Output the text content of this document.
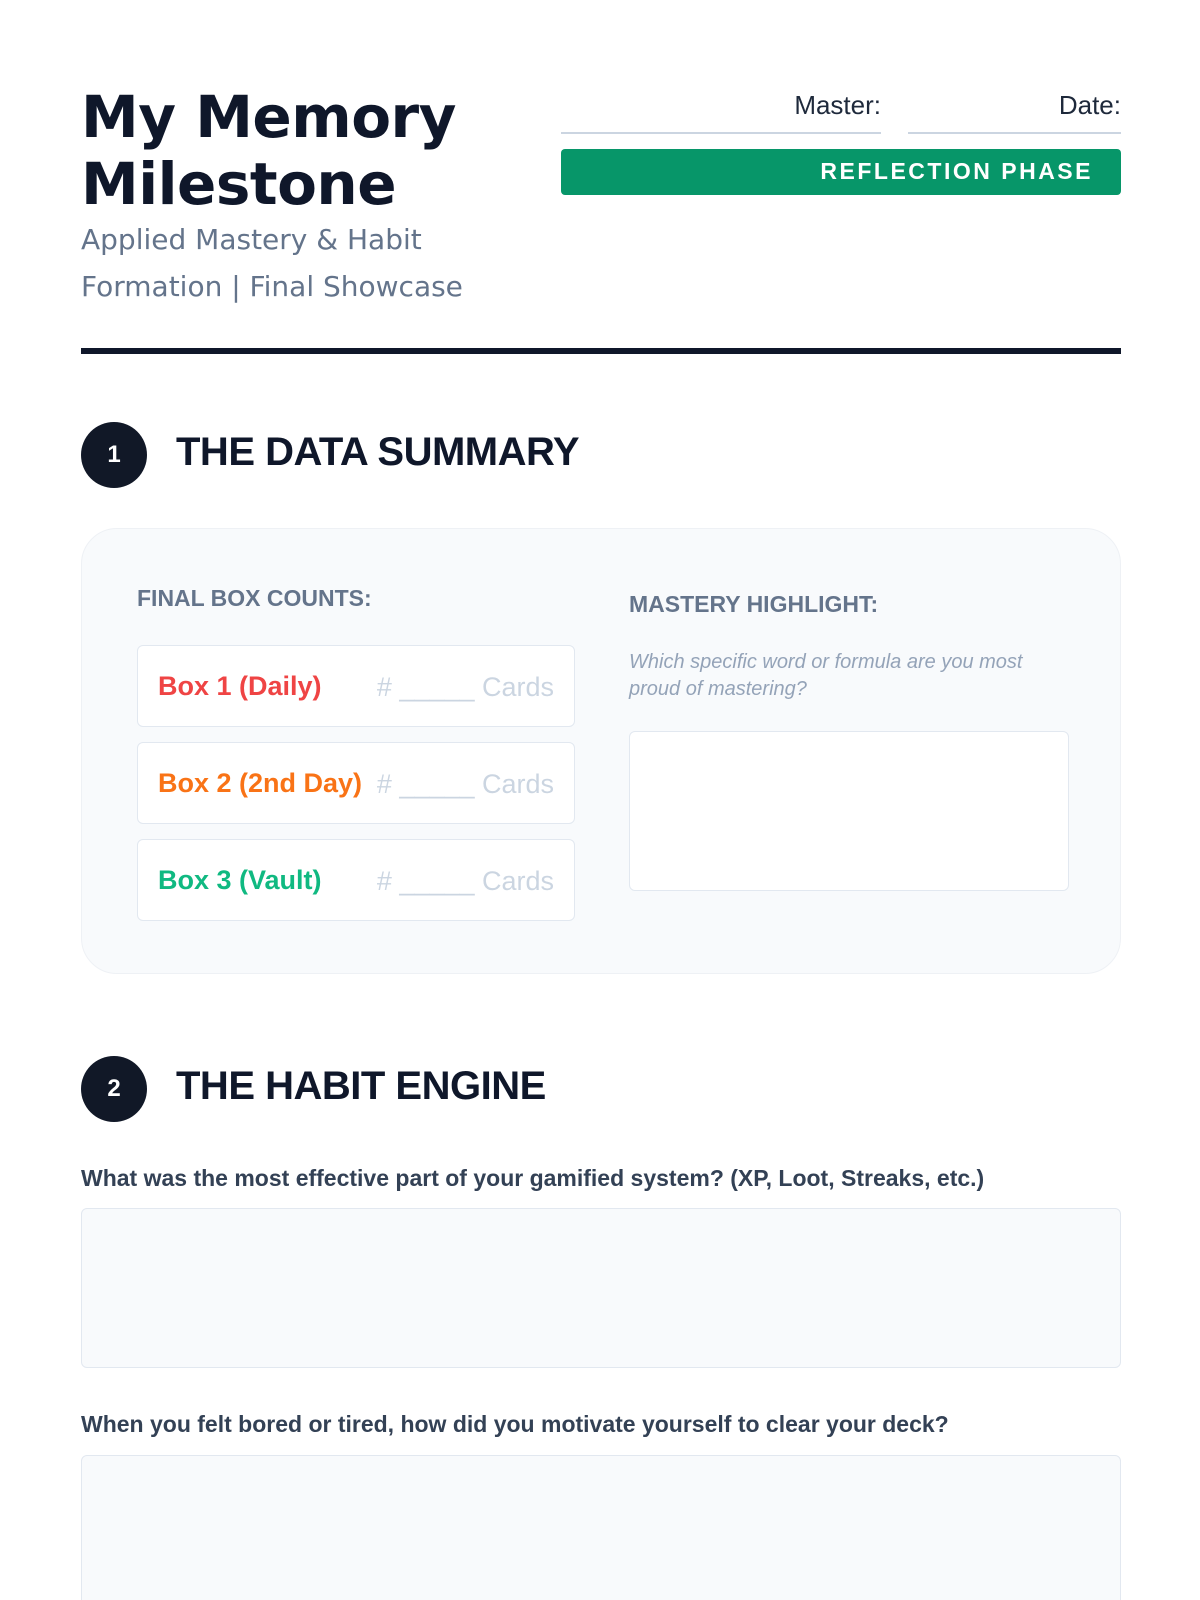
My Memory Milestone
Applied Mastery & Habit Formation | Final Showcase
Master:	Date:
REFLECTION PHASE
1	THE DATA SUMMARY
FINAL BOX COUNTS:
Box 1 (Daily) # _____ Cards
Box 2 (2nd Day) # _____ Cards
Box 3 (Vault) # _____ Cards
MASTERY HIGHLIGHT:
Which specific word or formula are you most proud of mastering?
2	THE HABIT ENGINE
What was the most effective part of your gamified system? (XP, Loot, Streaks, etc.)
When you felt bored or tired, how did you motivate yourself to clear your deck?
